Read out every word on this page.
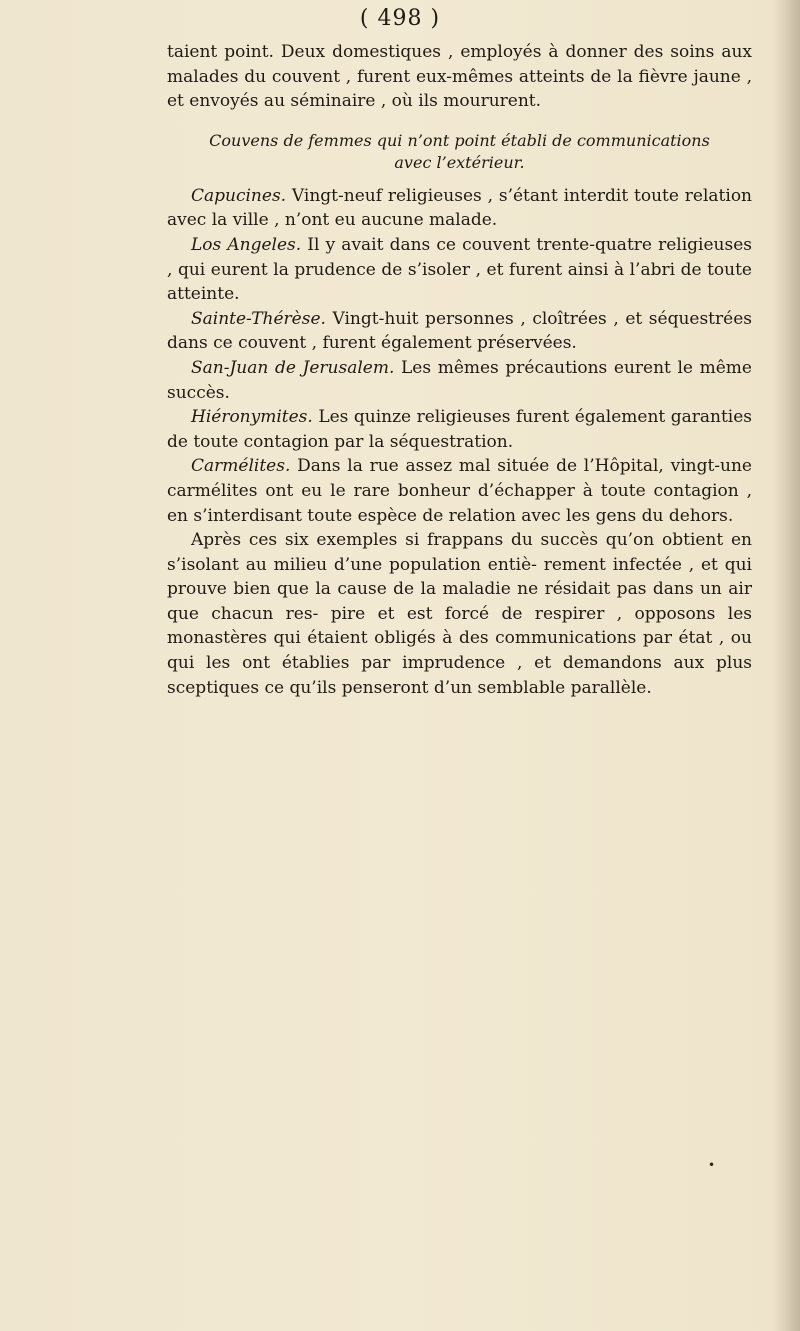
( 498 )

taient point. Deux domestiques , employés à donner des soins aux malades du couvent , furent eux-mêmes atteints de la fièvre jaune , et envoyés au séminaire , où ils moururent.

Couvens de femmes qui n’ont point établi de communications
avec l’extérieur.

Capucines. Vingt-neuf religieuses , s’étant interdit toute relation avec la ville , n’ont eu aucune malade.

Los Angeles. Il y avait dans ce couvent trente-quatre religieuses , qui eurent la prudence de s’isoler , et furent ainsi à l’abri de toute atteinte.

Sainte-Thérèse. Vingt-huit personnes , cloîtrées , et séquestrées dans ce couvent , furent également préservées.

San-Juan de Jerusalem. Les mêmes précautions eurent le même succès.

Hiéronymites. Les quinze religieuses furent également garanties de toute contagion par la séquestration.

Carmélites. Dans la rue assez mal située de l’Hôpital, vingt-une carmélites ont eu le rare bonheur d’échapper à toute contagion , en s’interdisant toute espèce de relation avec les gens du dehors.

Après ces six exemples si frappans du succès qu’on obtient en s’isolant au milieu d’une population entiè- rement infectée , et qui prouve bien que la cause de la maladie ne résidait pas dans un air que chacun res- pire et est forcé de respirer , opposons les monastères qui étaient obligés à des communications par état , ou qui les ont établies par imprudence , et demandons aux plus sceptiques ce qu’ils penseront d’un semblable parallèle.

•
